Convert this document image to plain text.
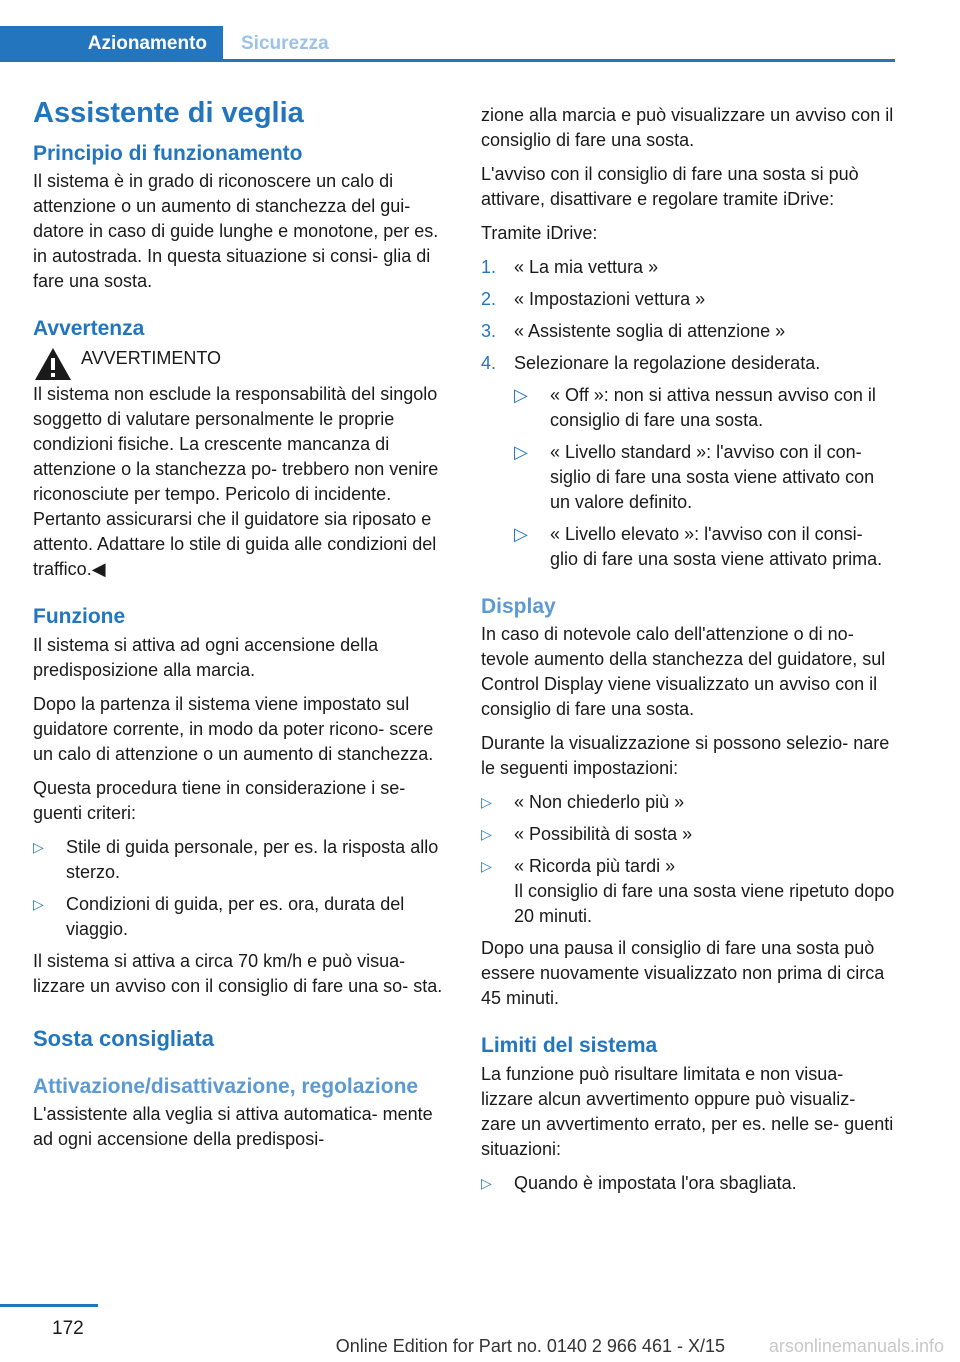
Azionamento	Sicurezza
Assistente di veglia
Principio di funzionamento

Il sistema è in grado di riconoscere un calo di attenzione o un aumento di stanchezza del gui‐ datore in caso di guide lunghe e monotone, per es. in autostrada. In questa situazione si consi‐ glia di fare una sosta.

Avvertenza
AVVERTIMENTO

Il sistema non esclude la responsabilità del singolo soggetto di valutare personalmente le proprie condizioni fisiche. La crescente mancanza di attenzione o la stanchezza po‐ trebbero non venire riconosciute per tempo. Pericolo di incidente. Pertanto assicurarsi che il guidatore sia riposato e attento. Adattare lo stile di guida alle condizioni del traffico.◀

Funzione

Il sistema si attiva ad ogni accensione della predisposizione alla marcia.

Dopo la partenza il sistema viene impostato sul guidatore corrente, in modo da poter ricono‐ scere un calo di attenzione o un aumento di stanchezza.

Questa procedura tiene in considerazione i se‐ guenti criteri:

▷ Stile di guida personale, per es. la risposta allo sterzo.
▷ Condizioni di guida, per es. ora, durata del viaggio.

Il sistema si attiva a circa 70 km/h e può visua‐ lizzare un avviso con il consiglio di fare una so‐ sta.

Sosta consigliata
Attivazione/disattivazione, regolazione

L'assistente alla veglia si attiva automatica‐ mente ad ogni accensione della predisposi‐

zione alla marcia e può visualizzare un avviso con il consiglio di fare una sosta.

L'avviso con il consiglio di fare una sosta si può attivare, disattivare e regolare tramite iDrive:

Tramite iDrive:

1. « La mia vettura »
2. « Impostazioni vettura »
3. « Assistente soglia di attenzione »
4. Selezionare la regolazione desiderata.
▷ « Off »: non si attiva nessun avviso con il consiglio di fare una sosta.
▷ « Livello standard »: l'avviso con il con‐ siglio di fare una sosta viene attivato con un valore definito.
▷ « Livello elevato »: l'avviso con il consi‐ glio di fare una sosta viene attivato prima.
Display

In caso di notevole calo dell'attenzione o di no‐ tevole aumento della stanchezza del guidatore, sul Control Display viene visualizzato un avviso con il consiglio di fare una sosta.

Durante la visualizzazione si possono selezio‐ nare le seguenti impostazioni:

▷ « Non chiederlo più »
▷ « Possibilità di sosta »
▷ « Ricorda più tardi »
Il consiglio di fare una sosta viene ripetuto dopo 20 minuti.

Dopo una pausa il consiglio di fare una sosta può essere nuovamente visualizzato non prima di circa 45 minuti.

Limiti del sistema

La funzione può risultare limitata e non visua‐ lizzare alcun avvertimento oppure può visualiz‐ zare un avvertimento errato, per es. nelle se‐ guenti situazioni:

▷ Quando è impostata l'ora sbagliata.
172
Online Edition for Part no. 0140 2 966 461 - X/15	arsonlinemanuals.info
